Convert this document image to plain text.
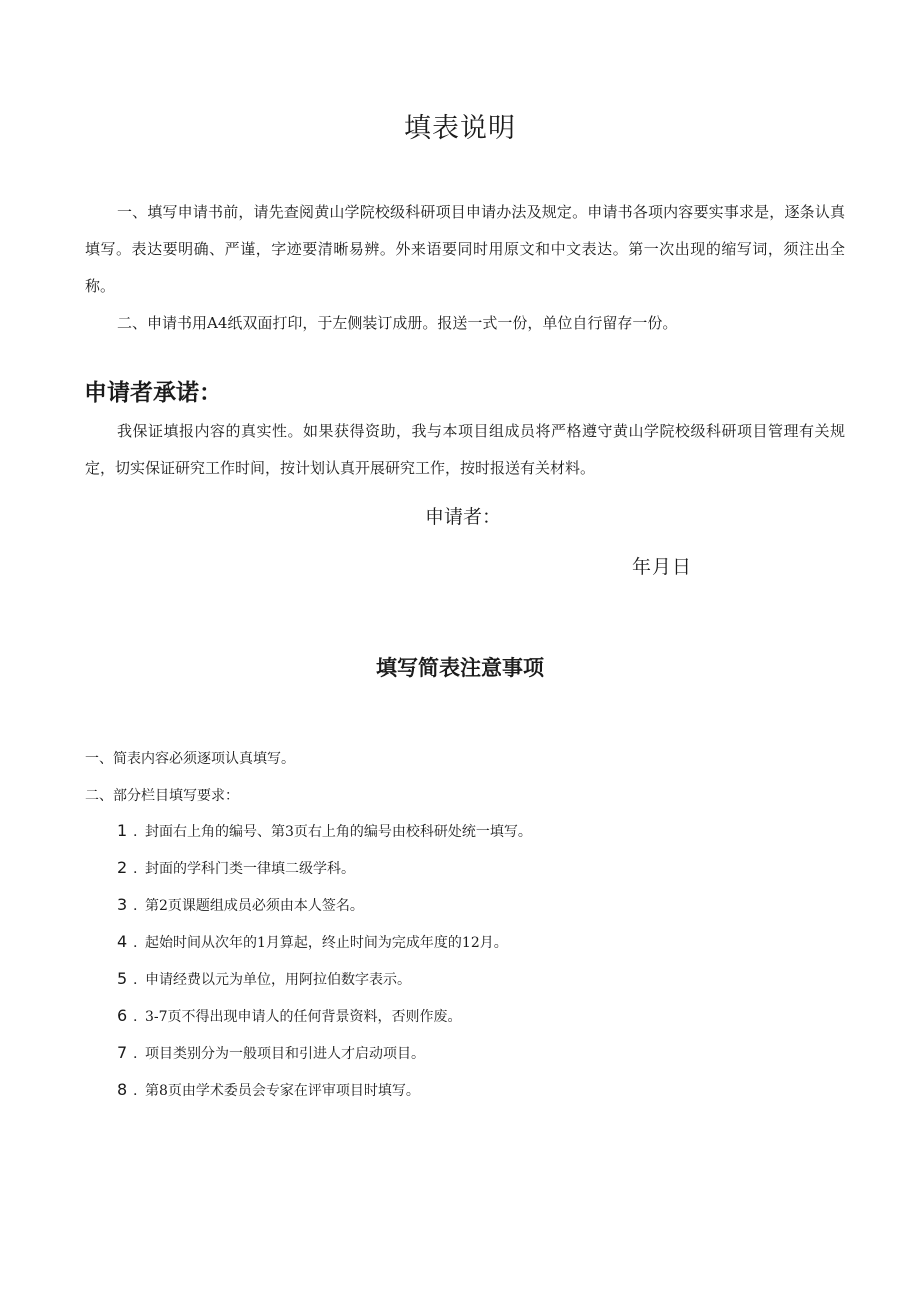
填表说明
一、填写申请书前，请先查阅黄山学院校级科研项目申请办法及规定。申请书各项内容要实事求是，逐条认真填写。表达要明确、严谨，字迹要清晰易辨。外来语要同时用原文和中文表达。第一次出现的缩写词，须注出全称。
二、申请书用A4纸双面打印，于左侧装订成册。报送一式一份，单位自行留存一份。
申请者承诺：
我保证填报内容的真实性。如果获得资助，我与本项目组成员将严格遵守黄山学院校级科研项目管理有关规定，切实保证研究工作时间，按计划认真开展研究工作，按时报送有关材料。
申请者：
年月日
填写简表注意事项
一、简表内容必须逐项认真填写。
二、部分栏目填写要求：
1 . 封面右上角的编号、第3页右上角的编号由校科研处统一填写。
2 . 封面的学科门类一律填二级学科。
3 . 第2页课题组成员必须由本人签名。
4 . 起始时间从次年的1月算起，终止时间为完成年度的12月。
5 . 申请经费以元为单位，用阿拉伯数字表示。
6 . 3-7页不得出现申请人的任何背景资料，否则作废。
7 . 项目类别分为一般项目和引进人才启动项目。
8 . 第8页由学术委员会专家在评审项目时填写。
